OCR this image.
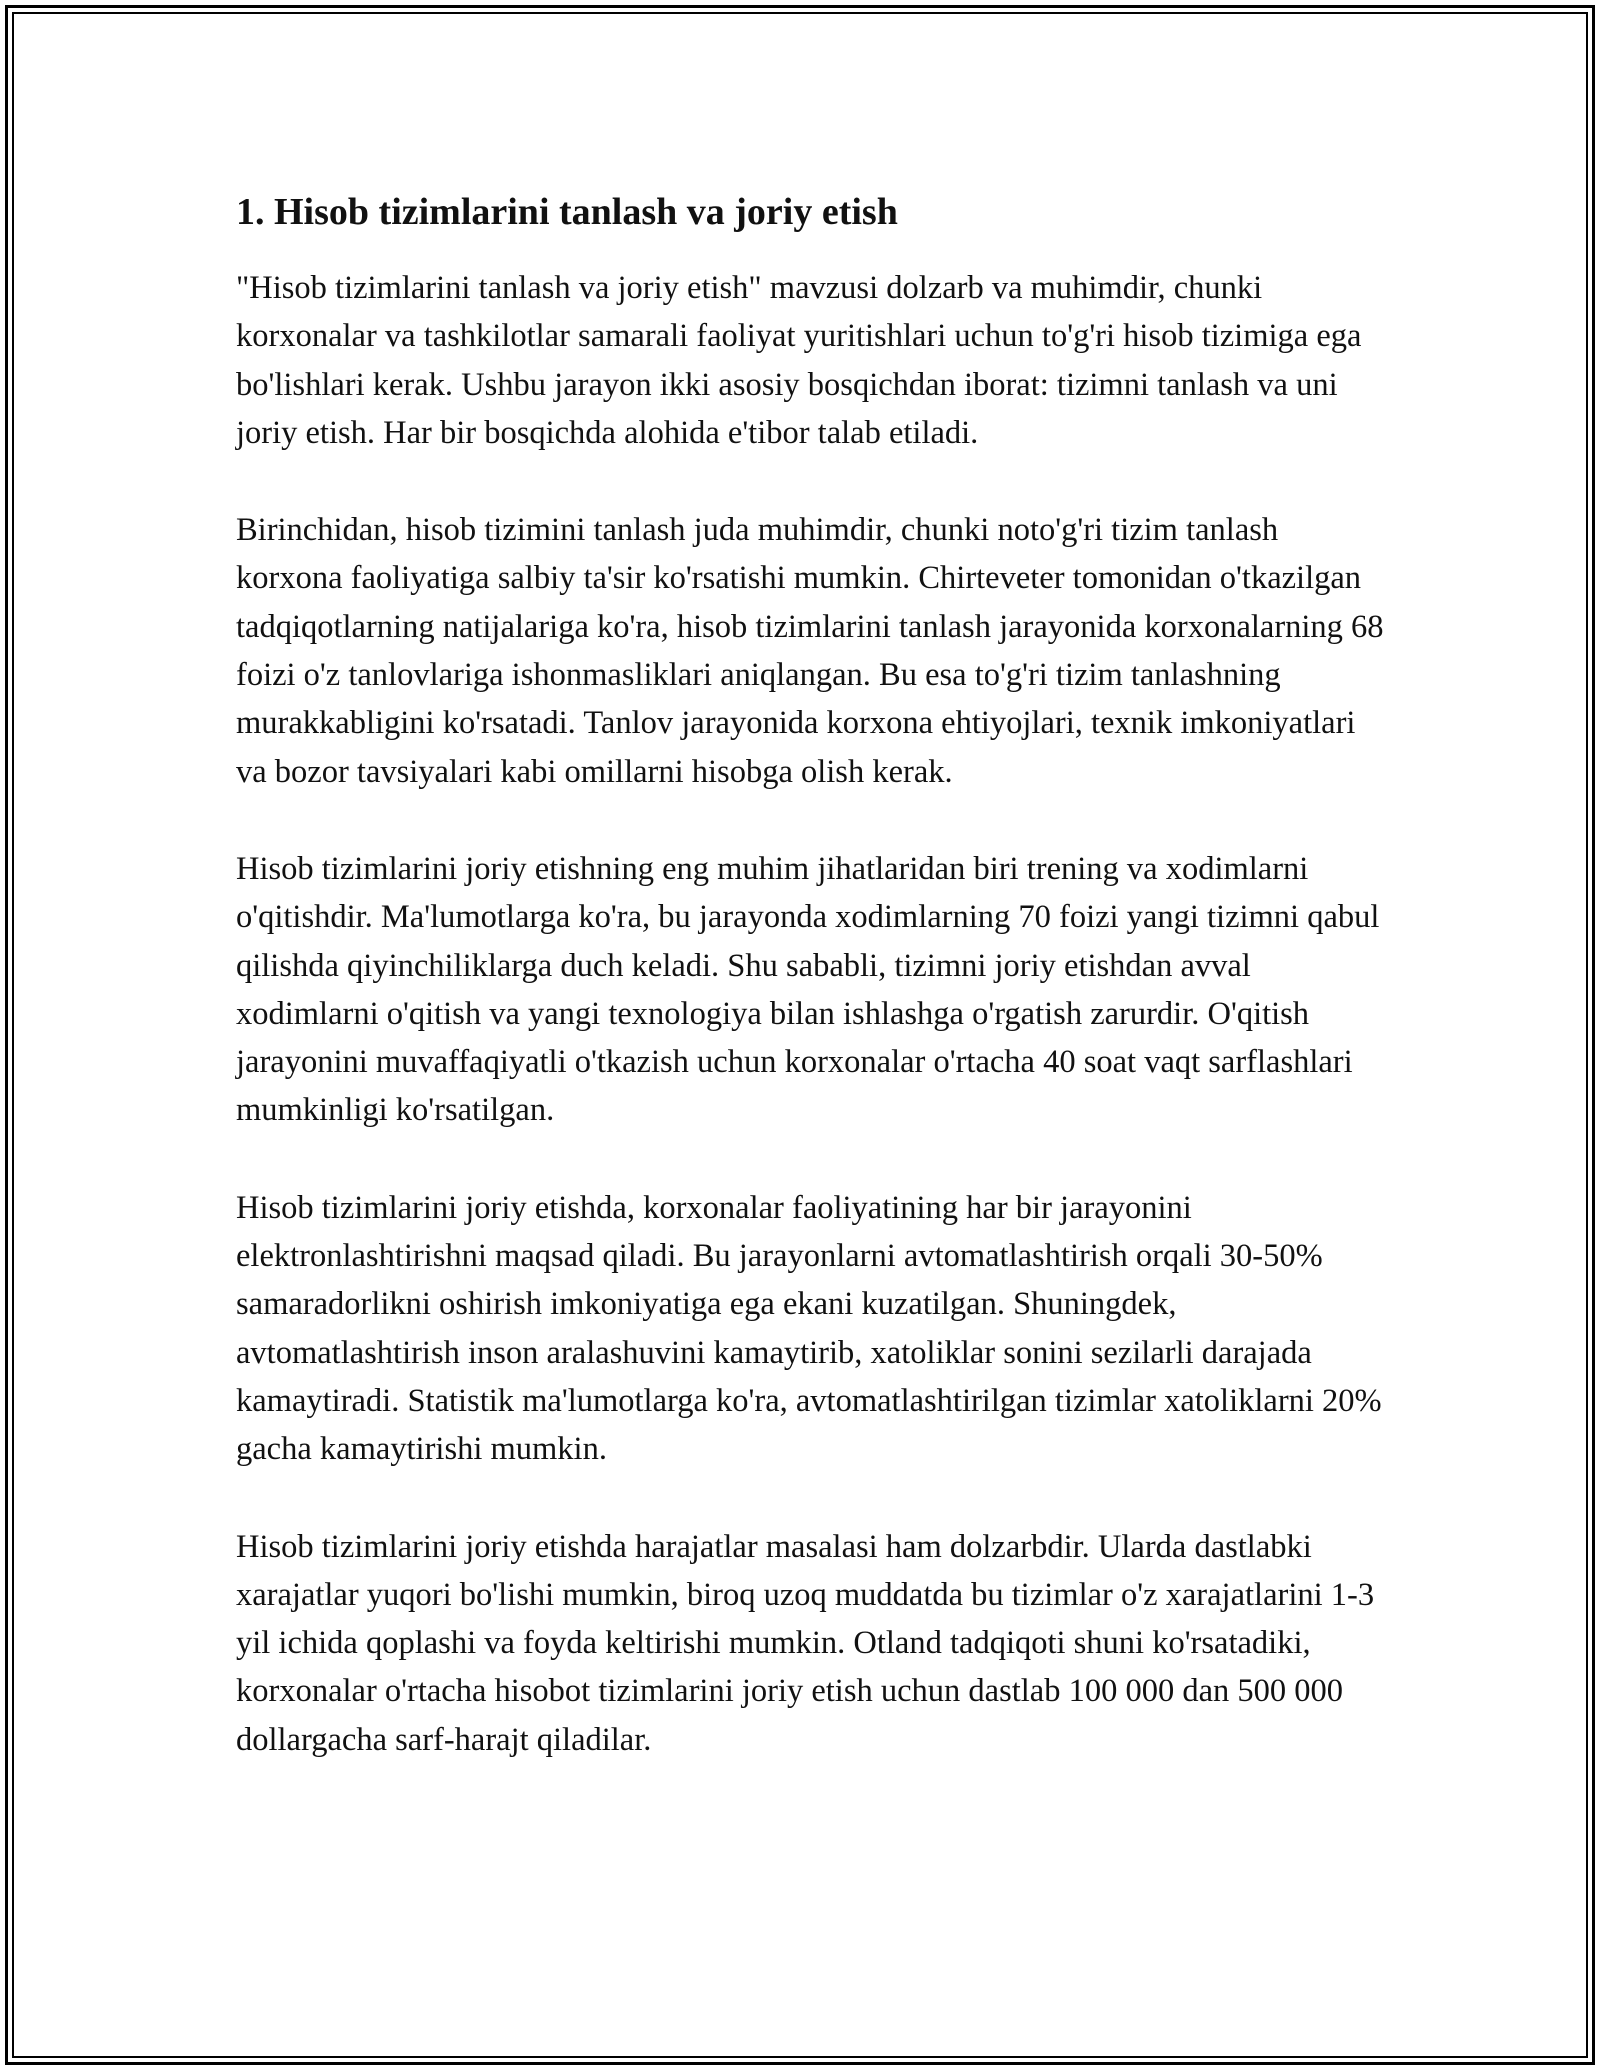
1. Hisob tizimlarini tanlash va joriy etish

"Hisob tizimlarini tanlash va joriy etish" mavzusi dolzarb va muhimdir, chunki korxonalar va tashkilotlar samarali faoliyat yuritishlari uchun to'g'ri hisob tizimiga ega bo'lishlari kerak. Ushbu jarayon ikki asosiy bosqichdan iborat: tizimni tanlash va uni joriy etish. Har bir bosqichda alohida e'tibor talab etiladi.

Birinchidan, hisob tizimini tanlash juda muhimdir, chunki noto'g'ri tizim tanlash korxona faoliyatiga salbiy ta'sir ko'rsatishi mumkin. Chirteveter tomonidan o'tkazilgan tadqiqotlarning natijalariga ko'ra, hisob tizimlarini tanlash jarayonida korxonalarning 68 foizi o'z tanlovlariga ishonmasliklari aniqlangan. Bu esa to'g'ri tizim tanlashning murakkabligini ko'rsatadi. Tanlov jarayonida korxona ehtiyojlari, texnik imkoniyatlari va bozor tavsiyalari kabi omillarni hisobga olish kerak.

Hisob tizimlarini joriy etishning eng muhim jihatlaridan biri trening va xodimlarni o'qitishdir. Ma'lumotlarga ko'ra, bu jarayonda xodimlarning 70 foizi yangi tizimni qabul qilishda qiyinchiliklarga duch keladi. Shu sababli, tizimni joriy etishdan avval xodimlarni o'qitish va yangi texnologiya bilan ishlashga o'rgatish zarurdir. O'qitish jarayonini muvaffaqiyatli o'tkazish uchun korxonalar o'rtacha 40 soat vaqt sarflashlari mumkinligi ko'rsatilgan.

Hisob tizimlarini joriy etishda, korxonalar faoliyatining har bir jarayonini elektronlashtirishni maqsad qiladi. Bu jarayonlarni avtomatlashtirish orqali 30-50% samaradorlikni oshirish imkoniyatiga ega ekani kuzatilgan. Shuningdek, avtomatlashtirish inson aralashuvini kamaytirib, xatoliklar sonini sezilarli darajada kamaytiradi. Statistik ma'lumotlarga ko'ra, avtomatlashtirilgan tizimlar xatoliklarni 20% gacha kamaytirishi mumkin.

Hisob tizimlarini joriy etishda harajatlar masalasi ham dolzarbdir. Ularda dastlabki xarajatlar yuqori bo'lishi mumkin, biroq uzoq muddatda bu tizimlar o'z xarajatlarini 1-3 yil ichida qoplashi va foyda keltirishi mumkin. Otland tadqiqoti shuni ko'rsatadiki, korxonalar o'rtacha hisobot tizimlarini joriy etish uchun dastlab 100 000 dan 500 000 dollargacha sarf-harajt qiladilar.
